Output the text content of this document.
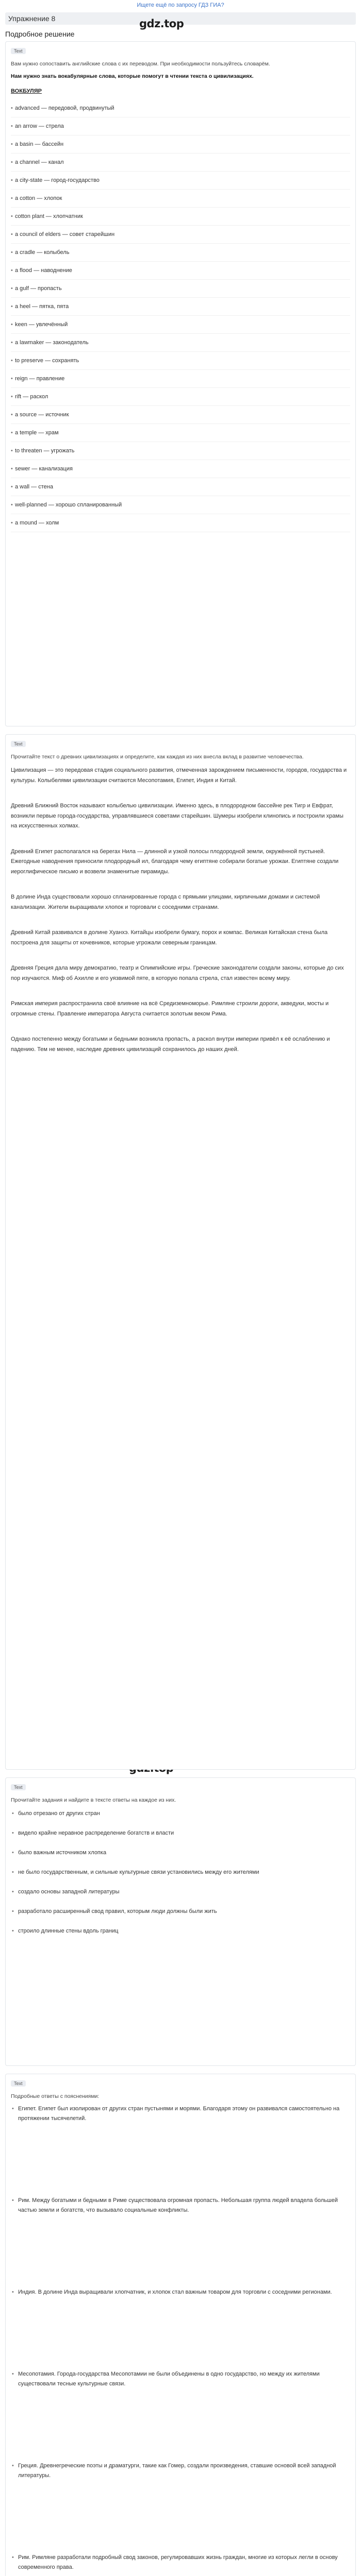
Ищете ещё по запросу ГДЗ ГИА?
Упражнение 8
Подробное решение
gdz.top
Text
Вам нужно сопоставить английские слова с их переводом. При необходимости пользуйтесь словарём.
Нам нужно знать вокабулярные слова, которые помогут в чтении текста о цивилизациях.
ВОКБУЛЯР
• advanced — передовой, продвинутый
• an arrow — стрела
• a basin — бассейн
• a channel — канал
• a city-state — город-государство
• a cotton — хлопок
• cotton plant — хлопчатник
• a council of elders — совет старейшин
• a cradle — колыбель
• a flood — наводнение
• a gulf — пропасть
• a heel — пятка, пята
• keen — увлечённый
• a lawmaker — законодатель
• to preserve — сохранять
• reign — правление
• rift — раскол
• a source — источник
• a temple — храм
• to threaten — угрожать
• sewer — канализация
• a wall — стена
• well-planned — хорошо спланированный
• a mound — холм
Text
Прочитайте текст о древних цивилизациях и определите, как каждая из них внесла вклад в развитие человечества.
Цивилизация — это передовая стадия социального развития, отмеченная зарождением письменности, городов, государства и культуры. Колыбелями цивилизации считаются Месопотамия, Египет, Индия и Китай.
Древний Ближний Восток называют колыбелью цивилизации. Именно здесь, в плодородном бассейне рек Тигр и Евфрат, возникли первые города-государства, управлявшиеся советами старейшин. Шумеры изобрели клинопись и построили храмы на искусственных холмах.
Древний Египет располагался на берегах Нила — длинной и узкой полосы плодородной земли, окружённой пустыней. Ежегодные наводнения приносили плодородный ил, благодаря чему египтяне собирали богатые урожаи. Египтяне создали иероглифическое письмо и возвели знаменитые пирамиды.
В долине Инда существовали хорошо спланированные города с прямыми улицами, кирпичными домами и системой канализации. Жители выращивали хлопок и торговали с соседними странами.
Древний Китай развивался в долине Хуанхэ. Китайцы изобрели бумагу, порох и компас. Великая Китайская стена была построена для защиты от кочевников, которые угрожали северным границам.
Древняя Греция дала миру демократию, театр и Олимпийские игры. Греческие законодатели создали законы, которые до сих пор изучаются. Миф об Ахилле и его уязвимой пяте, в которую попала стрела, стал известен всему миру.
Римская империя распространила своё влияние на всё Средиземноморье. Римляне строили дороги, акведуки, мосты и огромные стены. Правление императора Августа считается золотым веком Рима.
Однако постепенно между богатыми и бедными возникла пропасть, а раскол внутри империи привёл к её ослаблению и падению. Тем не менее, наследие древних цивилизаций сохранилось до наших дней.
Text
Прочитайте задания и найдите в тексте ответы на каждое из них.
• было отрезано от других стран
• видело крайне неравное распределение богатств и власти
• было важным источником хлопка
• не было государственным, и сильные культурные связи установились между его жителями
• создало основы западной литературы
• разработало расширенный свод правил, которым люди должны были жить
• строило длинные стены вдоль границ
Text
Подробные ответы с пояснениями:
• Египет. Египет был изолирован от других стран пустынями и морями. Благодаря этому он развивался самостоятельно на протяжении тысячелетий.
• Рим. Между богатыми и бедными в Риме существовала огромная пропасть. Небольшая группа людей владела большей частью земли и богатств, что вызывало социальные конфликты.
• Индия. В долине Инда выращивали хлопчатник, и хлопок стал важным товаром для торговли с соседними регионами.
• Месопотамия. Города-государства Месопотамии не были объединены в одно государство, но между их жителями существовали тесные культурные связи.
• Греция. Древнегреческие поэты и драматурги, такие как Гомер, создали произведения, ставшие основой всей западной литературы.
• Рим. Римляне разработали подробный свод законов, регулировавших жизнь граждан, многие из которых легли в основу современного права.
